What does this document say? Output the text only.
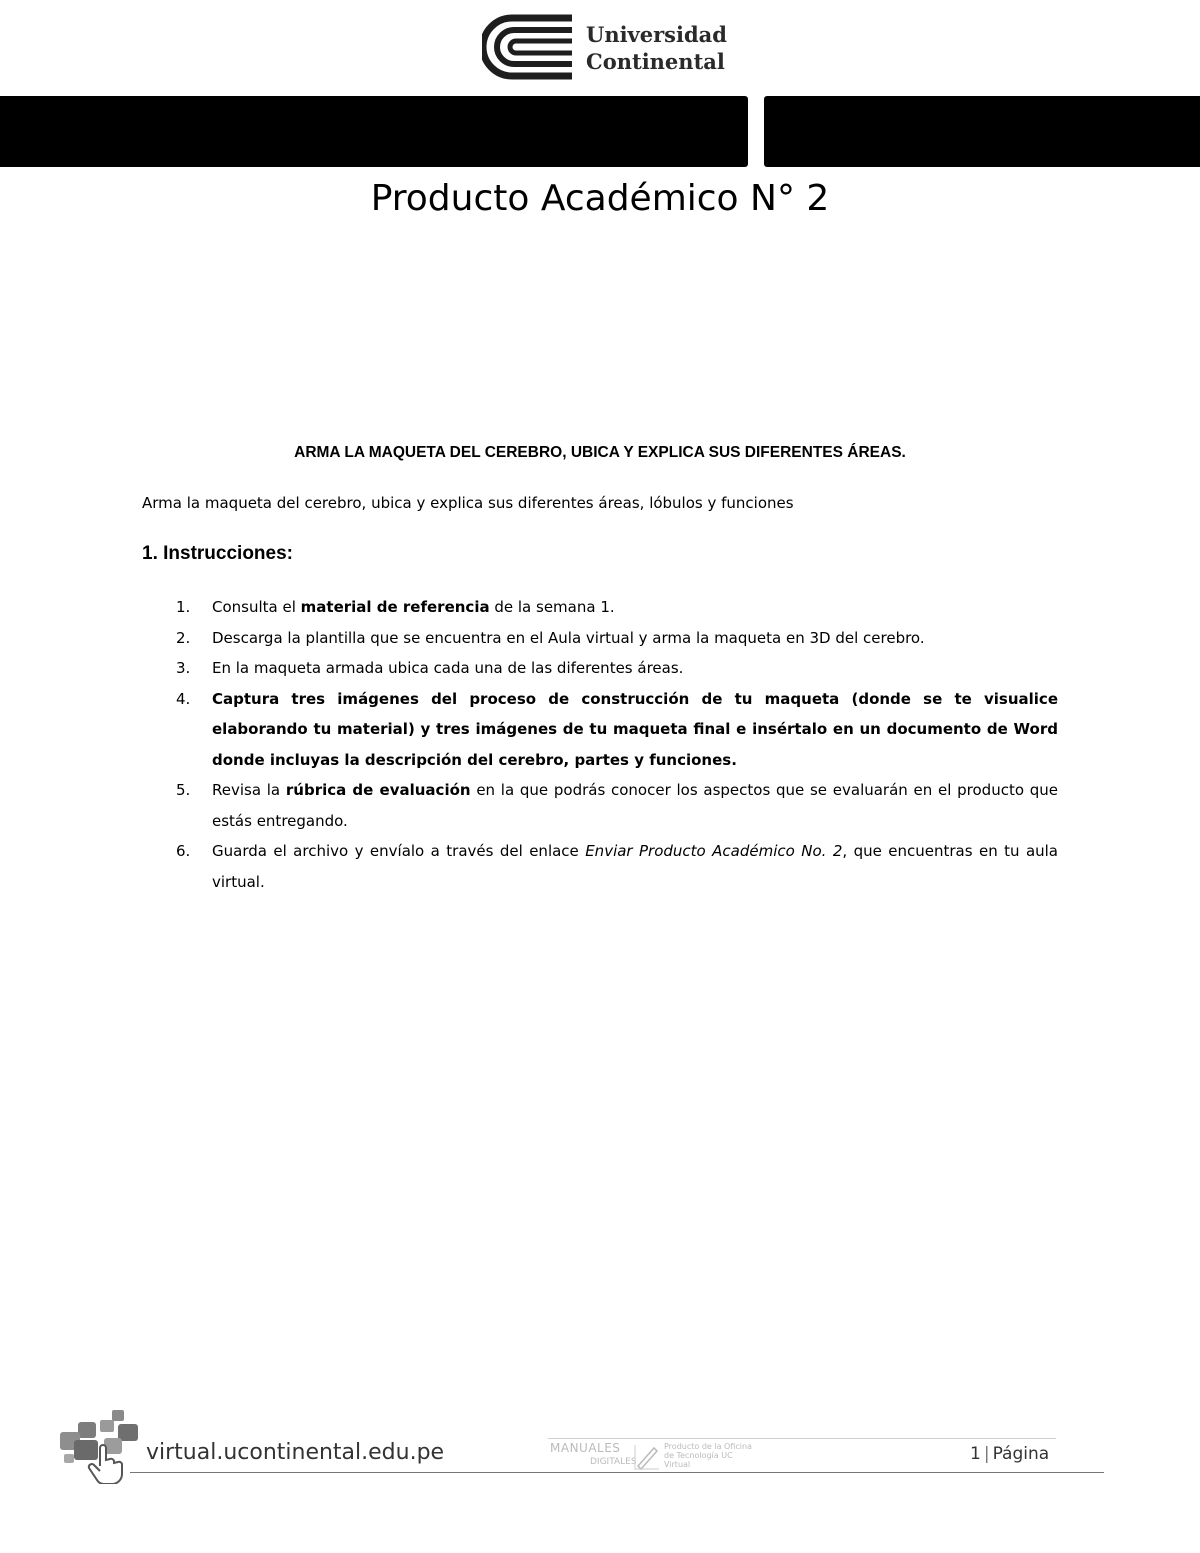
Universidad
Continental
Producto Académico N° 2
ARMA LA MAQUETA DEL CEREBRO, UBICA Y EXPLICA SUS DIFERENTES ÁREAS.
Arma la maqueta del cerebro, ubica y explica sus diferentes áreas, lóbulos y funciones
1. Instrucciones:
1. Consulta el material de referencia de la semana 1.
2. Descarga la plantilla que se encuentra en el Aula virtual y arma la maqueta en 3D del cerebro.
3. En la maqueta armada ubica cada una de las diferentes áreas.
4. Captura tres imágenes del proceso de construcción de tu maqueta (donde se te visualice elaborando tu material) y tres imágenes de tu maqueta final e insértalo en un documento de Word donde incluyas la descripción del cerebro, partes y funciones.
5. Revisa la rúbrica de evaluación en la que podrás conocer los aspectos que se evaluarán en el producto que estás entregando.
6. Guarda el archivo y envíalo a través del enlace Enviar Producto Académico No. 2, que encuentras en tu aula virtual.
virtual.ucontinental.edu.pe	MANUALES
DIGITALES
Producto de la Oficina de Tecnología UC Virtual
1 | Página
